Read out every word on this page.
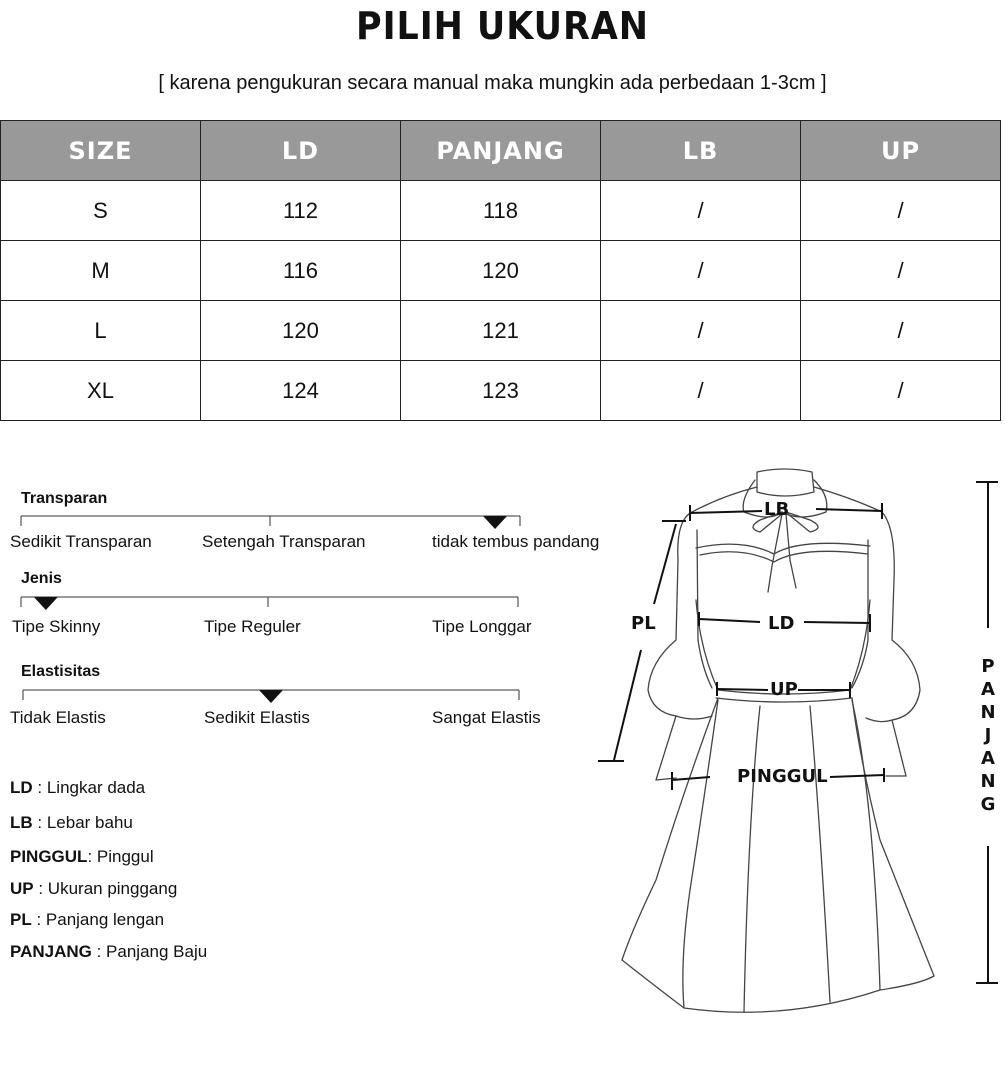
PILIH UKURAN
[ karena pengukuran secara manual maka mungkin ada perbedaan 1-3cm ]
SIZE	LD	PANJANG	LB	UP
S	112	118	/	/
M	116	120	/	/
L	120	121	/	/
XL	124	123	/	/
Transparan
Sedikit Transparan	Setengah Transparan	tidak tembus pandang
Jenis
Tipe Skinny	Tipe Reguler	Tipe Longgar
Elastisitas
Tidak Elastis	Sedikit Elastis	Sangat Elastis
LD : Lingkar dada
LB : Lebar bahu
PINGGUL: Pinggul
UP : Ukuran pinggang
PL : Panjang lengan
PANJANG : Panjang Baju
LB
PL	LD
UP
PINGGUL
P
A
N
J
A
N
G
